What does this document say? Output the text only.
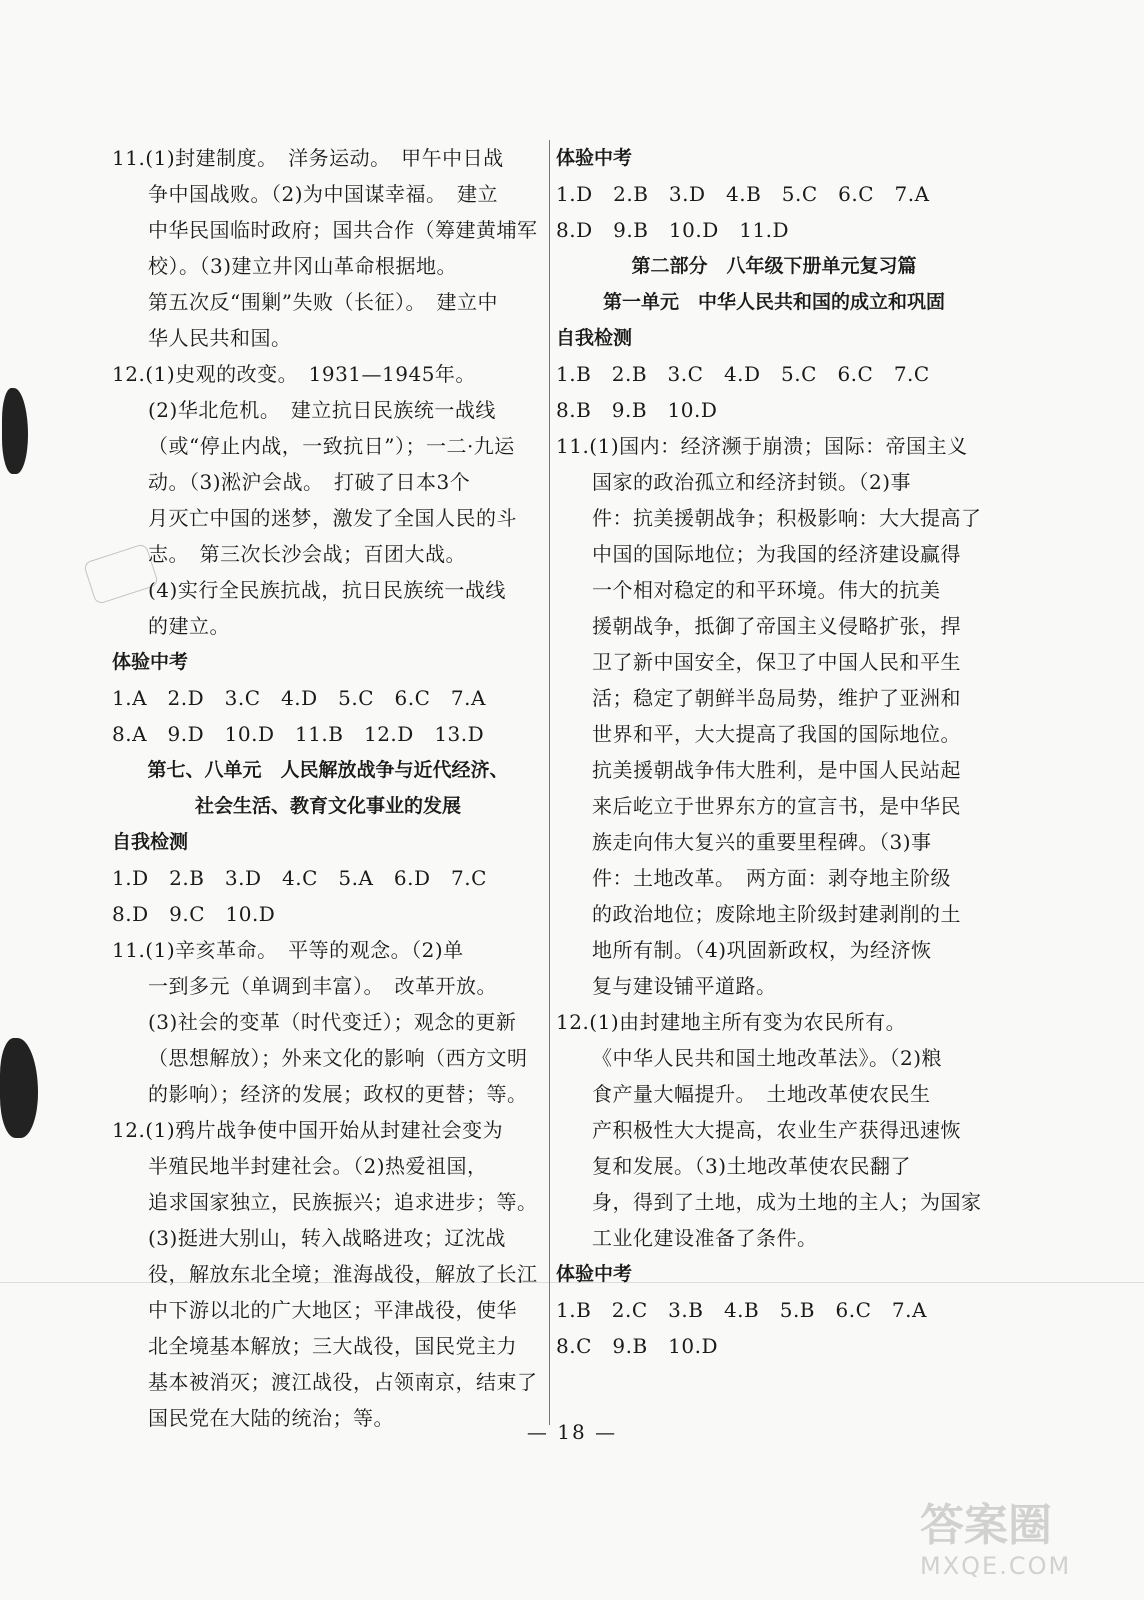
11.(1)封建制度。　洋务运动。　甲午中日战
争中国战败。（2)为中国谋幸福。　建立
中华民国临时政府；国共合作（筹建黄埔军
校）。（3)建立井冈山革命根据地。
第五次反“围剿”失败（长征）。　建立中
华人民共和国。
12.(1)史观的改变。　1931—1945年。
(2)华北危机。　建立抗日民族统一战线
（或“停止内战，一致抗日”）；一二·九运
动。（3)淞沪会战。　打破了日本3个
月灭亡中国的迷梦，激发了全国人民的斗
志。　第三次长沙会战；百团大战。
(4)实行全民族抗战，抗日民族统一战线
的建立。
体验中考
1.A　2.D　3.C　4.D　5.C　6.C　7.A
8.A　9.D　10.D　11.B　12.D　13.D
第七、八单元　人民解放战争与近代经济、
社会生活、教育文化事业的发展
自我检测
1.D　2.B　3.D　4.C　5.A　6.D　7.C
8.D　9.C　10.D
11.(1)辛亥革命。　平等的观念。（2)单
一到多元（单调到丰富）。　改革开放。
(3)社会的变革（时代变迁）；观念的更新
（思想解放）；外来文化的影响（西方文明
的影响）；经济的发展；政权的更替；等。
12.(1)鸦片战争使中国开始从封建社会变为
半殖民地半封建社会。（2)热爱祖国，
追求国家独立，民族振兴；追求进步；等。
(3)挺进大别山，转入战略进攻；辽沈战
役，解放东北全境；淮海战役，解放了长江
中下游以北的广大地区；平津战役，使华
北全境基本解放；三大战役，国民党主力
基本被消灭；渡江战役，占领南京，结束了
国民党在大陆的统治；等。
体验中考
1.D　2.B　3.D　4.B　5.C　6.C　7.A
8.D　9.B　10.D　11.D
第二部分　八年级下册单元复习篇
第一单元　中华人民共和国的成立和巩固
自我检测
1.B　2.B　3.C　4.D　5.C　6.C　7.C
8.B　9.B　10.D
11.(1)国内：经济濒于崩溃；国际：帝国主义
国家的政治孤立和经济封锁。（2)事
件：抗美援朝战争；积极影响：大大提高了
中国的国际地位；为我国的经济建设赢得
一个相对稳定的和平环境。伟大的抗美
援朝战争，抵御了帝国主义侵略扩张，捍
卫了新中国安全，保卫了中国人民和平生
活；稳定了朝鲜半岛局势，维护了亚洲和
世界和平，大大提高了我国的国际地位。
抗美援朝战争伟大胜利，是中国人民站起
来后屹立于世界东方的宣言书，是中华民
族走向伟大复兴的重要里程碑。（3)事
件：土地改革。　两方面：剥夺地主阶级
的政治地位；废除地主阶级封建剥削的土
地所有制。（4)巩固新政权，为经济恢
复与建设铺平道路。
12.(1)由封建地主所有变为农民所有。
《中华人民共和国土地改革法》。（2)粮
食产量大幅提升。　土地改革使农民生
产积极性大大提高，农业生产获得迅速恢
复和发展。（3)土地改革使农民翻了
身，得到了土地，成为土地的主人；为国家
工业化建设准备了条件。
体验中考
1.B　2.C　3.B　4.B　5.B　6.C　7.A
8.C　9.B　10.D
— 18 —
答案圈
MXQE.COM
